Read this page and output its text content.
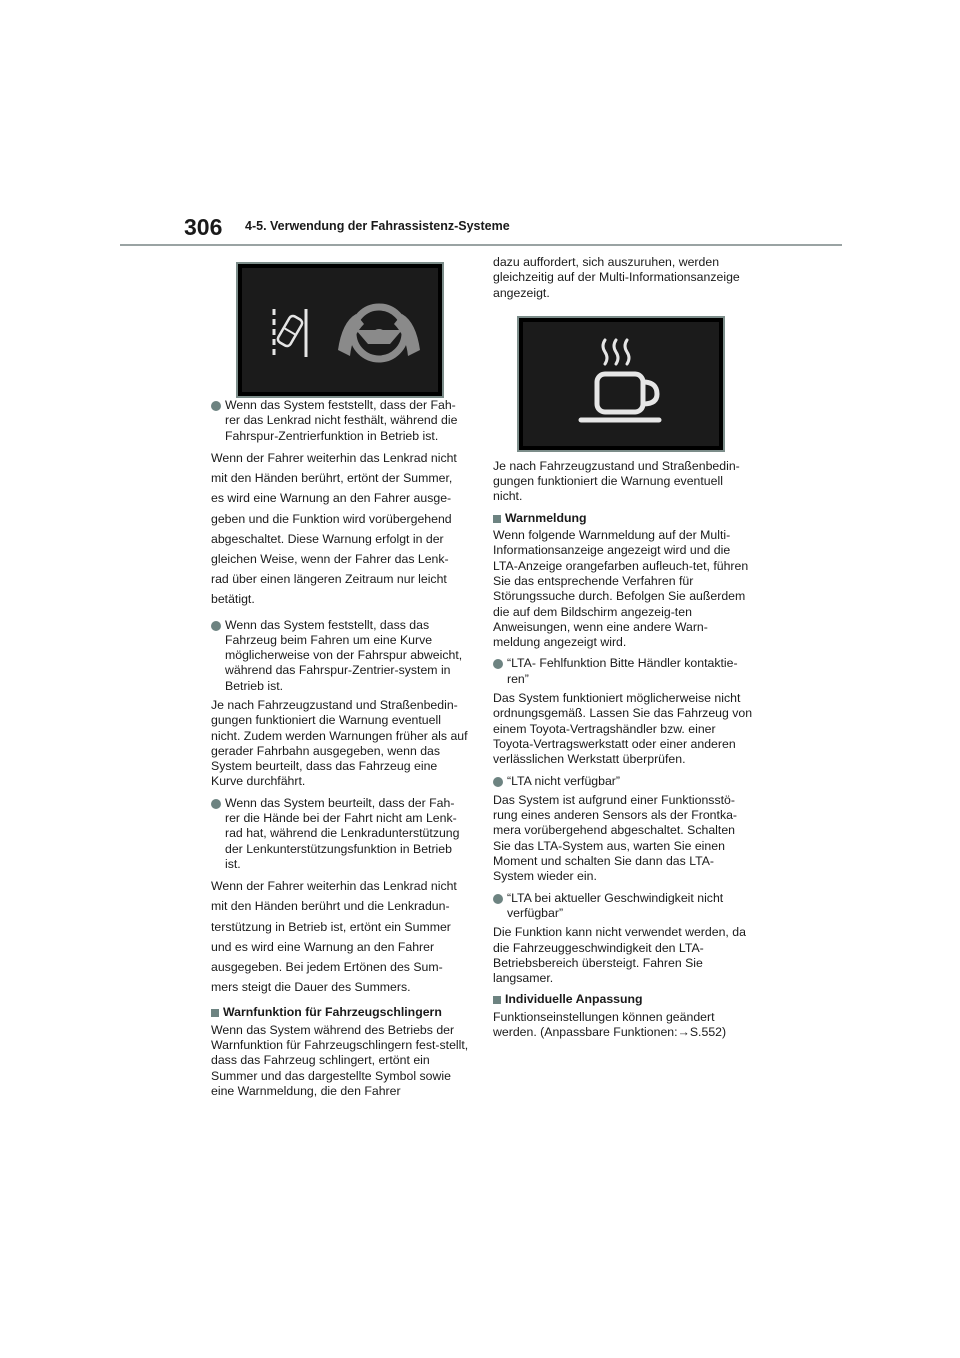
306 4-5. Verwendung der Fahrassistenz-Systeme
Wenn das System feststellt, dass der Fah-rer das Lenkrad nicht festhält, während die Fahrspur-Zentrierfunktion in Betrieb ist.

Wenn der Fahrer weiterhin das Lenkrad nicht

mit den Händen berührt, ertönt der Summer,

es wird eine Warnung an den Fahrer ausge-

geben und die Funktion wird vorübergehend

abgeschaltet. Diese Warnung erfolgt in der

gleichen Weise, wenn der Fahrer das Lenk-

rad über einen längeren Zeitraum nur leicht

betätigt.

Wenn das System feststellt, dass das Fahrzeug beim Fahren um eine Kurve möglicherweise von der Fahrspur abweicht, während das Fahrspur-Zentrier-system in Betrieb ist.

Je nach Fahrzeugzustand und Straßenbedin-gungen funktioniert die Warnung eventuell nicht. Zudem werden Warnungen früher als auf gerader Fahrbahn ausgegeben, wenn das System beurteilt, dass das Fahrzeug eine Kurve durchfährt.

Wenn das System beurteilt, dass der Fah-rer die Hände bei der Fahrt nicht am Lenk-rad hat, während die Lenkradunterstützung der Lenkunterstützungsfunktion in Betrieb ist.

Wenn der Fahrer weiterhin das Lenkrad nicht

mit den Händen berührt und die Lenkradun-

terstützung in Betrieb ist, ertönt ein Summer

und es wird eine Warnung an den Fahrer

ausgegeben. Bei jedem Ertönen des Sum-

mers steigt die Dauer des Summers.

Warnfunktion für Fahrzeugschlingern

Wenn das System während des Betriebs der Warnfunktion für Fahrzeugschlingern fest-stellt, dass das Fahrzeug schlingert, ertönt ein Summer und das dargestellte Symbol sowie eine Warnmeldung, die den Fahrer

dazu auffordert, sich auszuruhen, werden gleichzeitig auf der Multi-Informationsanzeige angezeigt.

Je nach Fahrzeugzustand und Straßenbedin-gungen funktioniert die Warnung eventuell nicht.

Warnmeldung

Wenn folgende Warnmeldung auf der Multi-Informationsanzeige angezeigt wird und die LTA-Anzeige orangefarben aufleuch-tet, führen Sie das entsprechende Verfahren für Störungssuche durch. Befolgen Sie außerdem die auf dem Bildschirm angezeig-ten Anweisungen, wenn eine andere Warn-meldung angezeigt wird.

“LTA- Fehlfunktion Bitte Händler kontaktie-ren”

Das System funktioniert möglicherweise nicht ordnungsgemäß. Lassen Sie das Fahrzeug von einem Toyota-Vertragshändler bzw. einer Toyota-Vertragswerkstatt oder einer anderen verlässlichen Werkstatt überprüfen.

“LTA nicht verfügbar”

Das System ist aufgrund einer Funktionsstö-rung eines anderen Sensors als der Frontka-mera vorübergehend abgeschaltet. Schalten Sie das LTA-System aus, warten Sie einen Moment und schalten Sie dann das LTA-System wieder ein.

“LTA bei aktueller Geschwindigkeit nicht verfügbar”

Die Funktion kann nicht verwendet werden, da die Fahrzeuggeschwindigkeit den LTA-Betriebsbereich übersteigt. Fahren Sie langsamer.

Individuelle Anpassung

Funktionseinstellungen können geändert werden. (Anpassbare Funktionen:→S.552)
